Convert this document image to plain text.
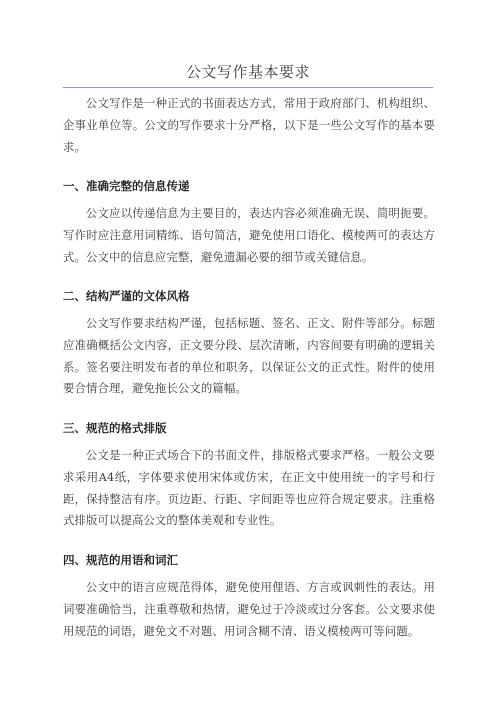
公文写作基本要求

公文写作是一种正式的书面表达方式，常用于政府部门、机构组织、企事业单位等。公文的写作要求十分严格，以下是一些公文写作的基本要求。

一、准确完整的信息传递

公文应以传递信息为主要目的，表达内容必须准确无误、简明扼要。写作时应注意用词精练、语句简洁，避免使用口语化、模棱两可的表达方式。公文中的信息应完整，避免遗漏必要的细节或关键信息。

二、结构严谨的文体风格

公文写作要求结构严谨，包括标题、签名、正文、附件等部分。标题应准确概括公文内容，正文要分段、层次清晰，内容间要有明确的逻辑关系。签名要注明发布者的单位和职务，以保证公文的正式性。附件的使用要合情合理，避免拖长公文的篇幅。

三、规范的格式排版

公文是一种正式场合下的书面文件，排版格式要求严格。一般公文要求采用A4纸，字体要求使用宋体或仿宋，在正文中使用统一的字号和行距，保持整洁有序。页边距、行距、字间距等也应符合规定要求。注重格式排版可以提高公文的整体美观和专业性。

四、规范的用语和词汇

公文中的语言应规范得体，避免使用俚语、方言或讽刺性的表达。用词要准确恰当，注重尊敬和热情，避免过于冷淡或过分客套。公文要求使用规范的词语，避免文不对题、用词含糊不清、语义模棱两可等问题。
